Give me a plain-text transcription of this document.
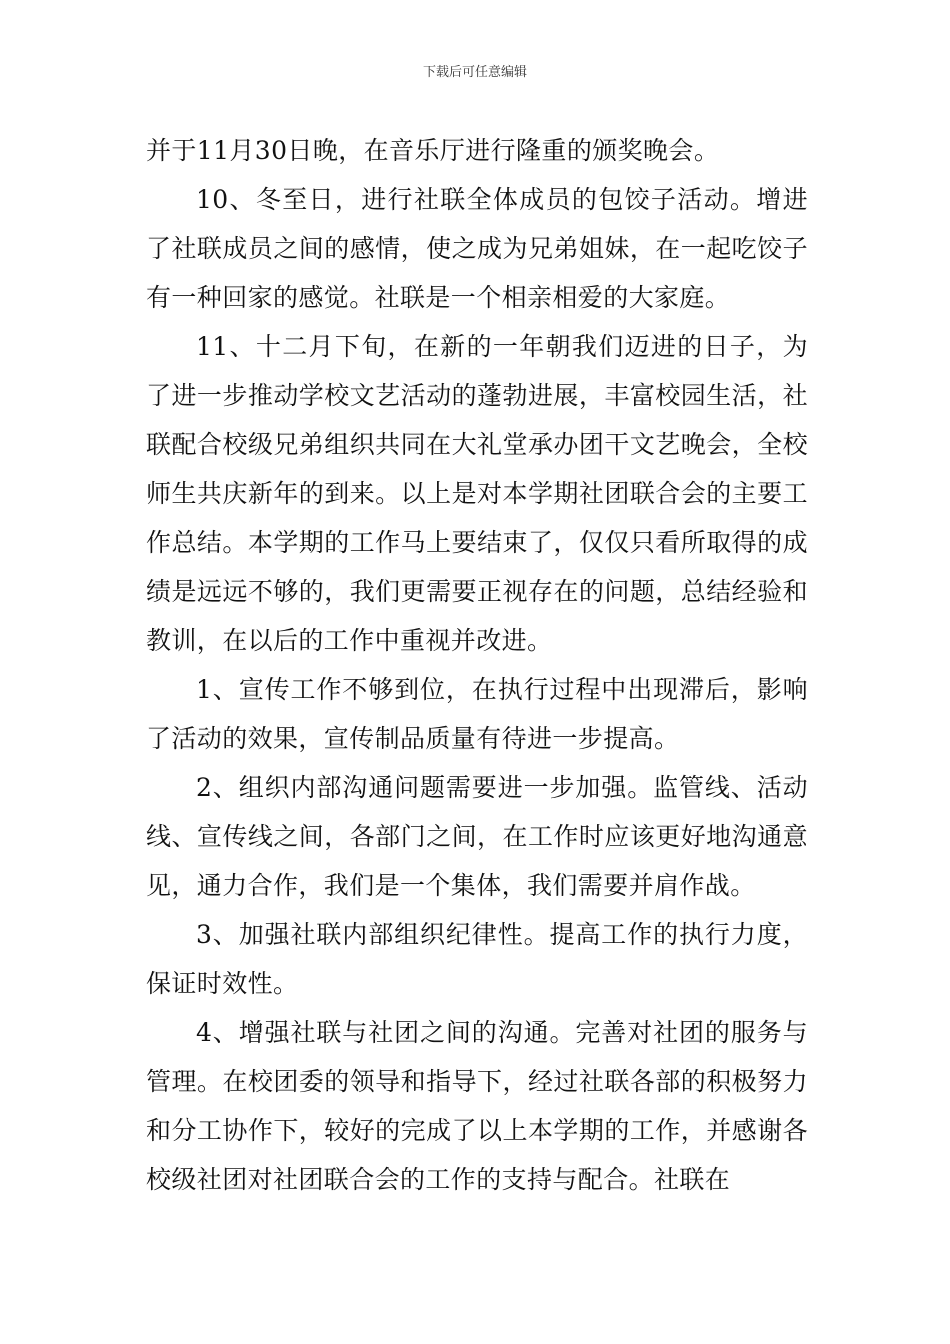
下载后可任意编辑

并于11月30日晚，在音乐厅进行隆重的颁奖晚会。

10、冬至日，进行社联全体成员的包饺子活动。增进了社联成员之间的感情，使之成为兄弟姐妹，在一起吃饺子有一种回家的感觉。社联是一个相亲相爱的大家庭。

11、十二月下旬，在新的一年朝我们迈进的日子，为了进一步推动学校文艺活动的蓬勃进展，丰富校园生活，社联配合校级兄弟组织共同在大礼堂承办团干文艺晚会，全校师生共庆新年的到来。以上是对本学期社团联合会的主要工作总结。本学期的工作马上要结束了，仅仅只看所取得的成绩是远远不够的，我们更需要正视存在的问题，总结经验和教训，在以后的工作中重视并改进。

1、宣传工作不够到位，在执行过程中出现滞后，影响了活动的效果，宣传制品质量有待进一步提高。

2、组织内部沟通问题需要进一步加强。监管线、活动线、宣传线之间，各部门之间，在工作时应该更好地沟通意见，通力合作，我们是一个集体，我们需要并肩作战。

3、加强社联内部组织纪律性。提高工作的执行力度，保证时效性。

4、增强社联与社团之间的沟通。完善对社团的服务与管理。在校团委的领导和指导下，经过社联各部的积极努力和分工协作下，较好的完成了以上本学期的工作，并感谢各校级社团对社团联合会的工作的支持与配合。社联在
